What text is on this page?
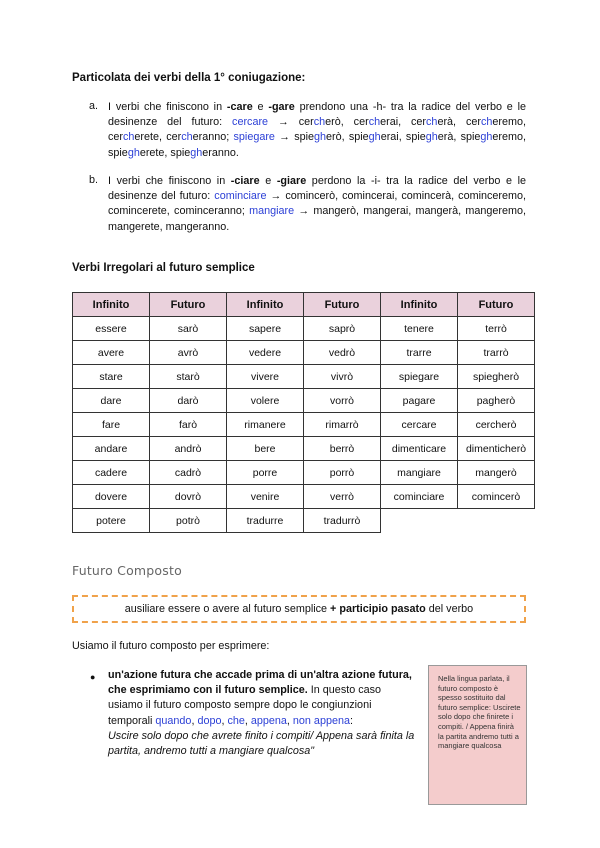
Particolata dei verbi della 1° coniugazione:
a. I verbi che finiscono in -care e -gare prendono una -h- tra la radice del verbo e le desinenze del futuro: cercare → cercherò, cercherai, cercherà, cercheremo, cercherete, cercheranno; spiegare → spiegherò, spiegherai, spiegherà, spiegheremo, spiegherete, spiegheranno.
b. I verbi che finiscono in -ciare e -giare perdono la -i- tra la radice del verbo e le desinenze del futuro: cominciare → comincerò, comincerai, comincerà, cominceremo, comincerete, cominceranno; mangiare → mangerò, mangerai, mangerà, mangeremo, mangerete, mangeranno.
Verbi Irregolari al futuro semplice
Infinito	Futuro	Infinito	Futuro	Infinito	Futuro
essere	sarò	sapere	saprò	tenere	terrò
avere	avrò	vedere	vedrò	trarre	trarrò
stare	starò	vivere	vivrò	spiegare	spiegherò
dare	darò	volere	vorrò	pagare	pagherò
fare	farò	rimanere	rimarrò	cercare	cercherò
andare	andrò	bere	berrò	dimenticare	dimenticherò
cadere	cadrò	porre	porrò	mangiare	mangerò
dovere	dovrò	venire	verrò	cominciare	comincerò
potere	potrò	tradurre	tradurrò		
Futuro Composto
ausiliare essere o avere al futuro semplice + participio pasato del verbo
Usiamo il futuro composto per esprimere:
● un'azione futura che accade prima di un'altra azione futura, che esprimiamo con il futuro semplice. In questo caso usiamo il futuro composto sempre dopo le congiunzioni temporali quando, dopo, che, appena, non appena:
Uscire solo dopo che avrete finito i compiti/ Appena sarà finita la partita, andremo tutti a mangiare qualcosa"
Nella lingua parlata, il futuro composto è spesso sostituito dal futuro semplice: Uscirete solo dopo che finirete i compiti. / Appena finirà la partita andremo tutti a mangiare qualcosa
